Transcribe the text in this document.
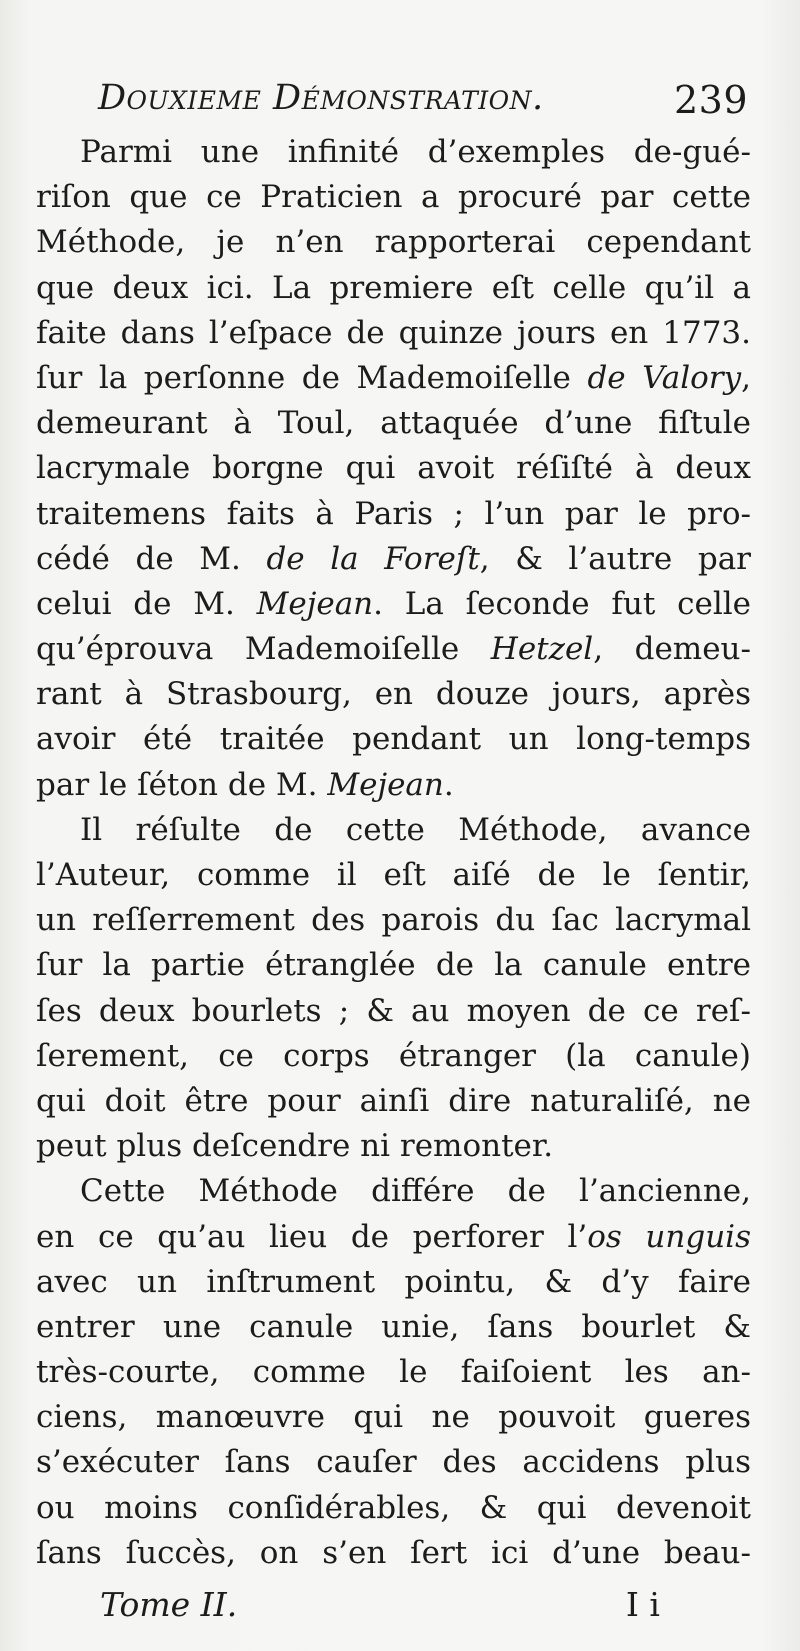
Douxieme Démonstration.	239
Parmi une infinité d’exemples de-gué-
riſon que ce Praticien a procuré par cette
Méthode, je n’en rapporterai cependant
que deux ici. La premiere eſt celle qu’il a
faite dans l’eſpace de quinze jours en 1773.
ſur la perſonne de Mademoiſelle de Valory,
demeurant à Toul, attaquée d’une fiſtule
lacrymale borgne qui avoit réſiſté à deux
traitemens faits à Paris ; l’un par le pro-
cédé de M. de la Foreſt, & l’autre par
celui de M. Mejean. La ſeconde fut celle
qu’éprouva Mademoiſelle Hetzel, demeu-
rant à Strasbourg, en douze jours, après
avoir été traitée pendant un long-temps
par le ſéton de M. Mejean.
Il réſulte de cette Méthode, avance
l’Auteur, comme il eſt aiſé de le ſentir,
un reſſerrement des parois du ſac lacrymal
ſur la partie étranglée de la canule entre
ſes deux bourlets ; & au moyen de ce reſ-
ſerement, ce corps étranger (la canule)
qui doit être pour ainſi dire naturaliſé, ne
peut plus deſcendre ni remonter.
Cette Méthode différe de l’ancienne,
en ce qu’au lieu de perforer l’os unguis
avec un inſtrument pointu, & d’y faire
entrer une canule unie, ſans bourlet &
très-courte, comme le faiſoient les an-
ciens, manœuvre qui ne pouvoit gueres
s’exécuter ſans cauſer des accidens plus
ou moins conſidérables, & qui devenoit
ſans ſuccès, on s’en ſert ici d’une beau-
Tome II.	I i
